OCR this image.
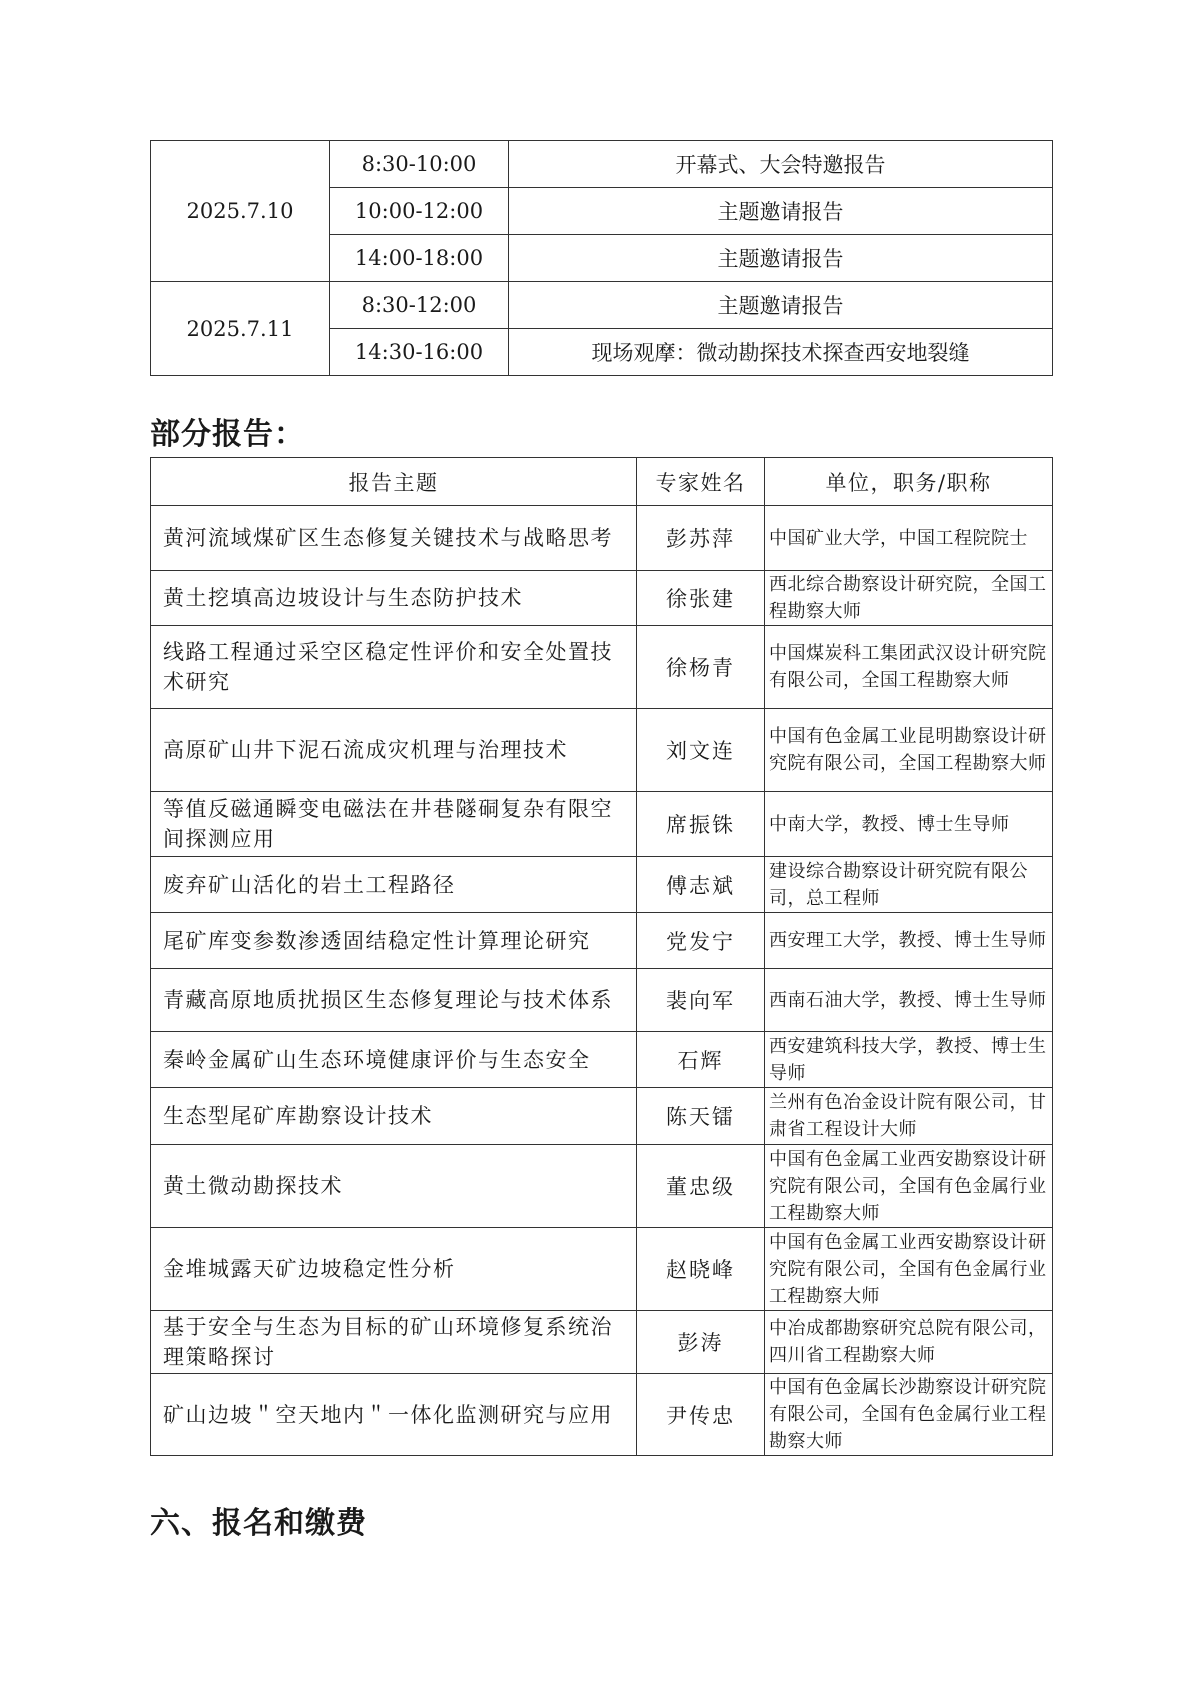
2025.7.10	8:30-10:00	开幕式、大会特邀报告
	10:00-12:00	主题邀请报告
	14:00-18:00	主题邀请报告
2025.7.11	8:30-12:00	主题邀请报告
	14:30-16:00	现场观摩：微动勘探技术探查西安地裂缝
部分报告：
报告主题	专家姓名	单位，职务/职称
黄河流域煤矿区生态修复关键技术与战略思考	彭苏萍	中国矿业大学，中国工程院院士
黄土挖填高边坡设计与生态防护技术	徐张建	西北综合勘察设计研究院，全国工程勘察大师
线路工程通过采空区稳定性评价和安全处置技术研究	徐杨青	中国煤炭科工集团武汉设计研究院有限公司，全国工程勘察大师
高原矿山井下泥石流成灾机理与治理技术	刘文连	中国有色金属工业昆明勘察设计研究院有限公司，全国工程勘察大师
等值反磁通瞬变电磁法在井巷隧硐复杂有限空间探测应用	席振铢	中南大学，教授、博士生导师
废弃矿山活化的岩土工程路径	傅志斌	建设综合勘察设计研究院有限公司，总工程师
尾矿库变参数渗透固结稳定性计算理论研究	党发宁	西安理工大学，教授、博士生导师
青藏高原地质扰损区生态修复理论与技术体系	裴向军	西南石油大学，教授、博士生导师
秦岭金属矿山生态环境健康评价与生态安全	石辉	西安建筑科技大学，教授、博士生导师
生态型尾矿库勘察设计技术	陈天镭	兰州有色冶金设计院有限公司，甘肃省工程设计大师
黄土微动勘探技术	董忠级	中国有色金属工业西安勘察设计研究院有限公司，全国有色金属行业工程勘察大师
金堆城露天矿边坡稳定性分析	赵晓峰	中国有色金属工业西安勘察设计研究院有限公司，全国有色金属行业工程勘察大师
基于安全与生态为目标的矿山环境修复系统治理策略探讨	彭涛	中冶成都勘察研究总院有限公司，四川省工程勘察大师
矿山边坡＂空天地内＂一体化监测研究与应用	尹传忠	中国有色金属长沙勘察设计研究院有限公司，全国有色金属行业工程勘察大师
六、报名和缴费
